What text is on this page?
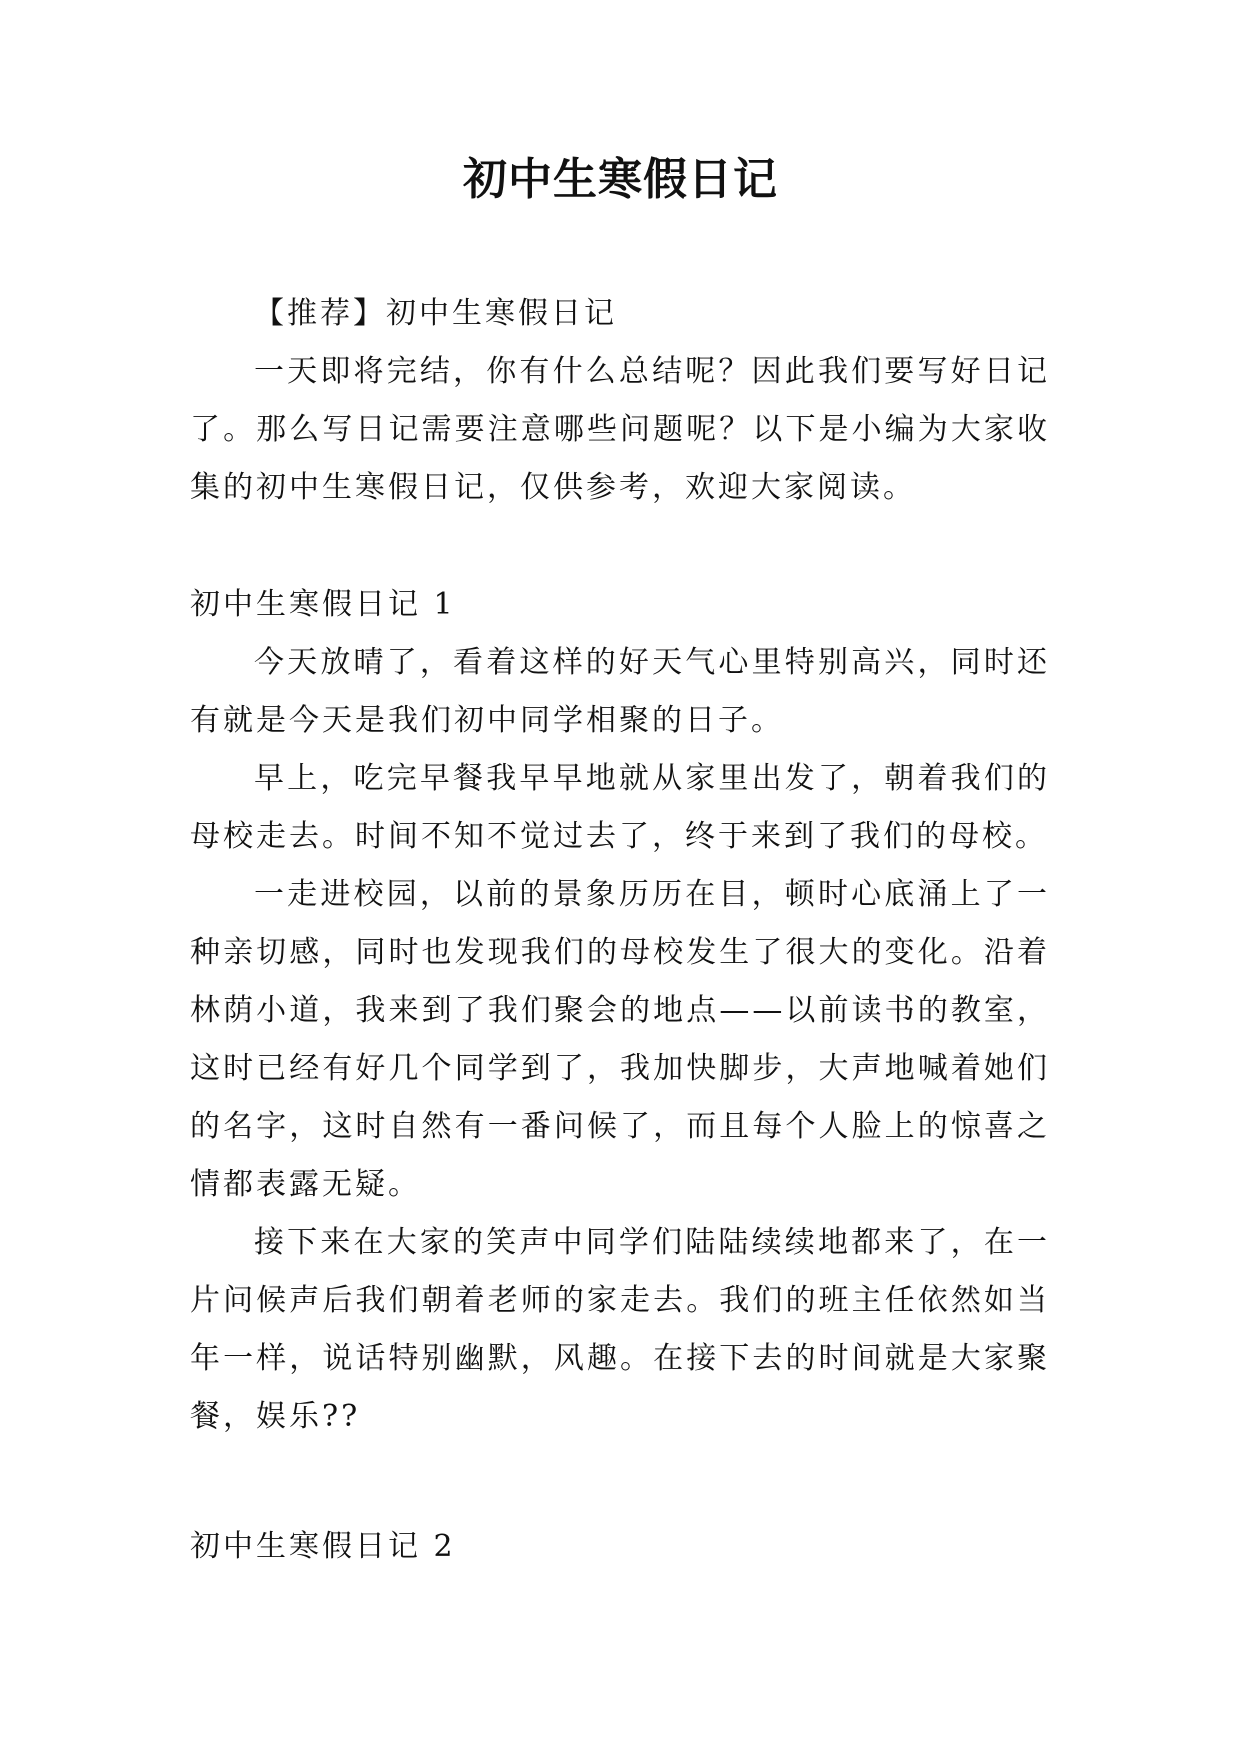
初中生寒假日记

【推荐】初中生寒假日记

一天即将完结，你有什么总结呢？因此我们要写好日记了。那么写日记需要注意哪些问题呢？以下是小编为大家收集的初中生寒假日记，仅供参考，欢迎大家阅读。

初中生寒假日记 1

今天放晴了，看着这样的好天气心里特别高兴，同时还有就是今天是我们初中同学相聚的日子。

早上，吃完早餐我早早地就从家里出发了，朝着我们的母校走去。时间不知不觉过去了，终于来到了我们的母校。

一走进校园，以前的景象历历在目，顿时心底涌上了一种亲切感，同时也发现我们的母校发生了很大的变化。沿着林荫小道，我来到了我们聚会的地点——以前读书的教室，这时已经有好几个同学到了，我加快脚步，大声地喊着她们的名字，这时自然有一番问候了，而且每个人脸上的惊喜之情都表露无疑。

接下来在大家的笑声中同学们陆陆续续地都来了，在一片问候声后我们朝着老师的家走去。我们的班主任依然如当年一样，说话特别幽默，风趣。在接下去的时间就是大家聚餐，娱乐??

初中生寒假日记 2
